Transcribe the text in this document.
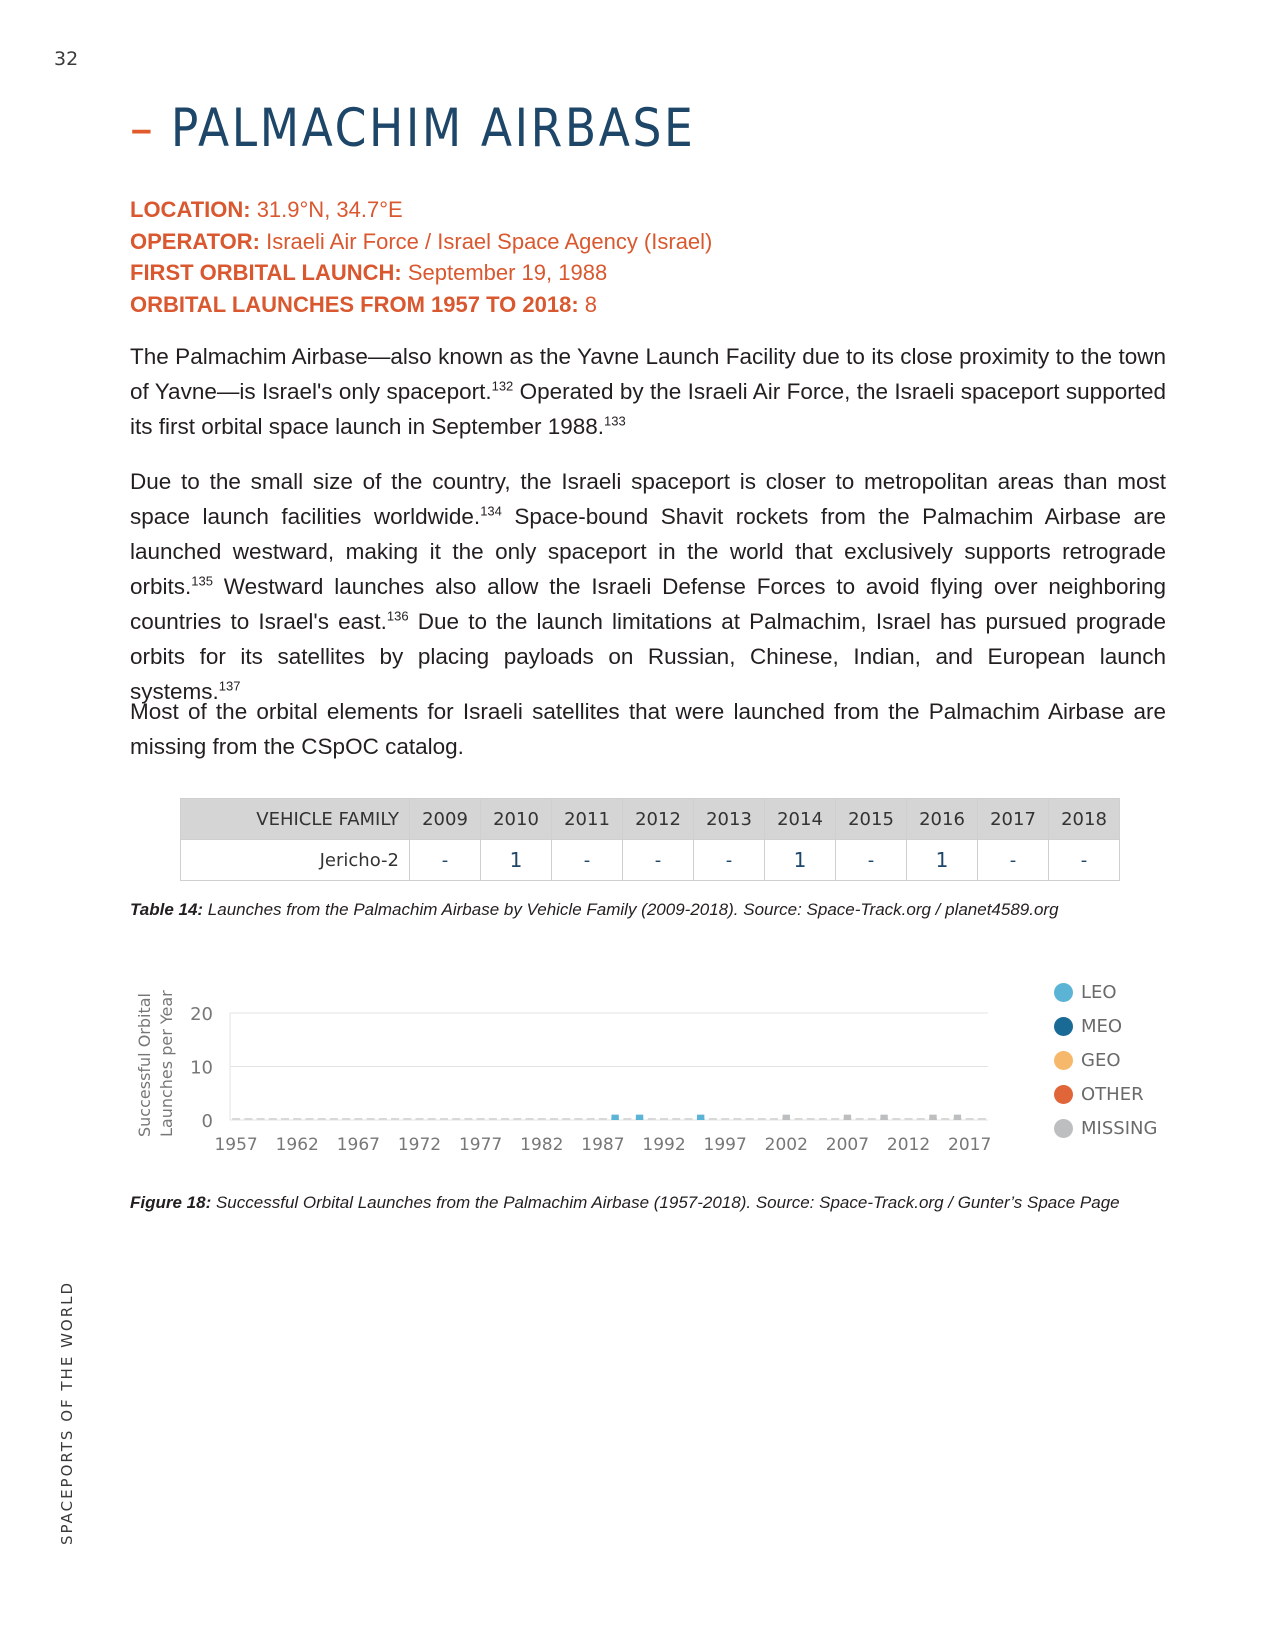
32
SPACEPORTS OF THE WORLD
– PALMACHIM AIRBASE
LOCATION: 31.9°N, 34.7°E
OPERATOR: Israeli Air Force / Israel Space Agency (Israel)
FIRST ORBITAL LAUNCH: September 19, 1988
ORBITAL LAUNCHES FROM 1957 TO 2018: 8

The Palmachim Airbase—also known as the Yavne Launch Facility due to its close proximity to the town of Yavne—is Israel's only spaceport.$^{132}$ Operated by the Israeli Air Force, the Israeli spaceport supported its first orbital space launch in September 1988.$^{133}$

Due to the small size of the country, the Israeli spaceport is closer to metropolitan areas than most space launch facilities worldwide.$^{134}$ Space-bound Shavit rockets from the Palmachim Airbase are launched westward, making it the only spaceport in the world that exclusively supports retrograde orbits.$^{135}$ Westward launches also allow the Israeli Defense Forces to avoid flying over neighboring countries to Israel's east.$^{136}$ Due to the launch limitations at Palmachim, Israel has pursued prograde orbits for its satellites by placing payloads on Russian, Chinese, Indian, and European launch systems.$^{137}$

Most of the orbital elements for Israeli satellites that were launched from the Palmachim Airbase are missing from the CSpOC catalog.

VEHICLE FAMILY	2009	2010	2011	2012	2013	2014	2015	2016	2017	2018
Jericho-2	-	1	-	-	-	1	-	1	-	-
Table 14: Launches from the Palmachim Airbase by Vehicle Family (2009-2018). Source: Space-Track.org / planet4589.org
0
10
20
1957 1962 1967 1972 1977 1982 1987 1992 1997 2002 2007 2012 2017
Successful Orbital Launches per Year	LEO
MEO
GEO
OTHER
MISSING
Figure 18: Successful Orbital Launches from the Palmachim Airbase (1957-2018). Source: Space-Track.org / Gunter’s Space Page
